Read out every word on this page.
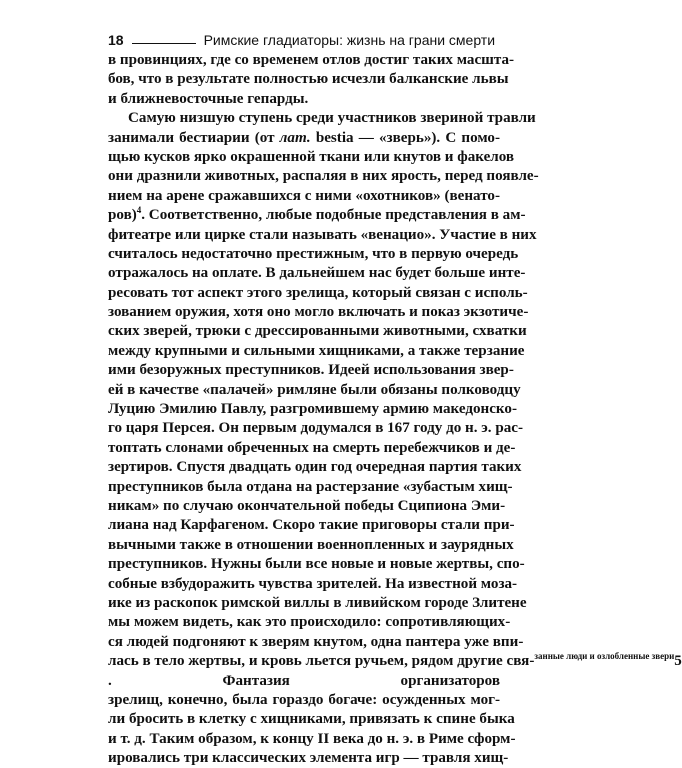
18	Римские гладиаторы: жизнь на грани смерти
в провинциях, где со временем отлов достиг таких масшта-
бов, что в результате полностью исчезли балканские львы
и ближневосточные гепарды.
Самую низшую ступень среди участников звериной травли
занимали бестиарии (от лат. bestia — «зверь»). С помо-
щью кусков ярко окрашенной ткани или кнутов и факелов
они дразнили животных, распаляя в них ярость, перед появле-
нием на арене сражавшихся с ними «охотников» (венато-
ров)$^4$. Соответственно, любые подобные представления в ам-
фитеатре или цирке стали называть «венацио». Участие в них
считалось недостаточно престижным, что в первую очередь
отражалось на оплате. В дальнейшем нас будет больше инте-
ресовать тот аспект этого зрелища, который связан с исполь-
зованием оружия, хотя оно могло включать и показ экзотиче-
ских зверей, трюки с дрессированными животными, схватки
между крупными и сильными хищниками, а также терзание
ими безоружных преступников. Идеей использования звер-
ей в качестве «палачей» римляне были обязаны полководцу
Луцию Эмилию Павлу, разгромившему армию македонско-
го царя Персея. Он первым додумался в 167 году до н. э. рас-
топтать слонами обреченных на смерть перебежчиков и де-
зертиров. Спустя двадцать один год очередная партия таких
преступников была отдана на растерзание «зубастым хищ-
никам» по случаю окончательной победы Сципиона Эми-
лиана над Карфагеном. Скоро такие приговоры стали при-
вычными также в отношении военнопленных и заурядных
преступников. Нужны были все новые и новые жертвы, спо-
собные взбудоражить чувства зрителей. На известной моза-
ике из раскопок римской виллы в ливийском городе Злитене
мы можем видеть, как это происходило: сопротивляющих-
ся людей подгоняют к зверям кнутом, одна пантера уже впи-
лась в тело жертвы, и кровь льется ручьем, рядом другие свя-$^{занные люди и озлобленные звери}$5
. Фантазия организаторов
зрелищ, конечно, была гораздо богаче: осужденных мог-
ли бросить в клетку с хищниками, привязать к спине быка
и т. д. Таким образом, к концу II века до н. э. в Риме сформ-
ировались три классических элемента игр — травля хищ-
